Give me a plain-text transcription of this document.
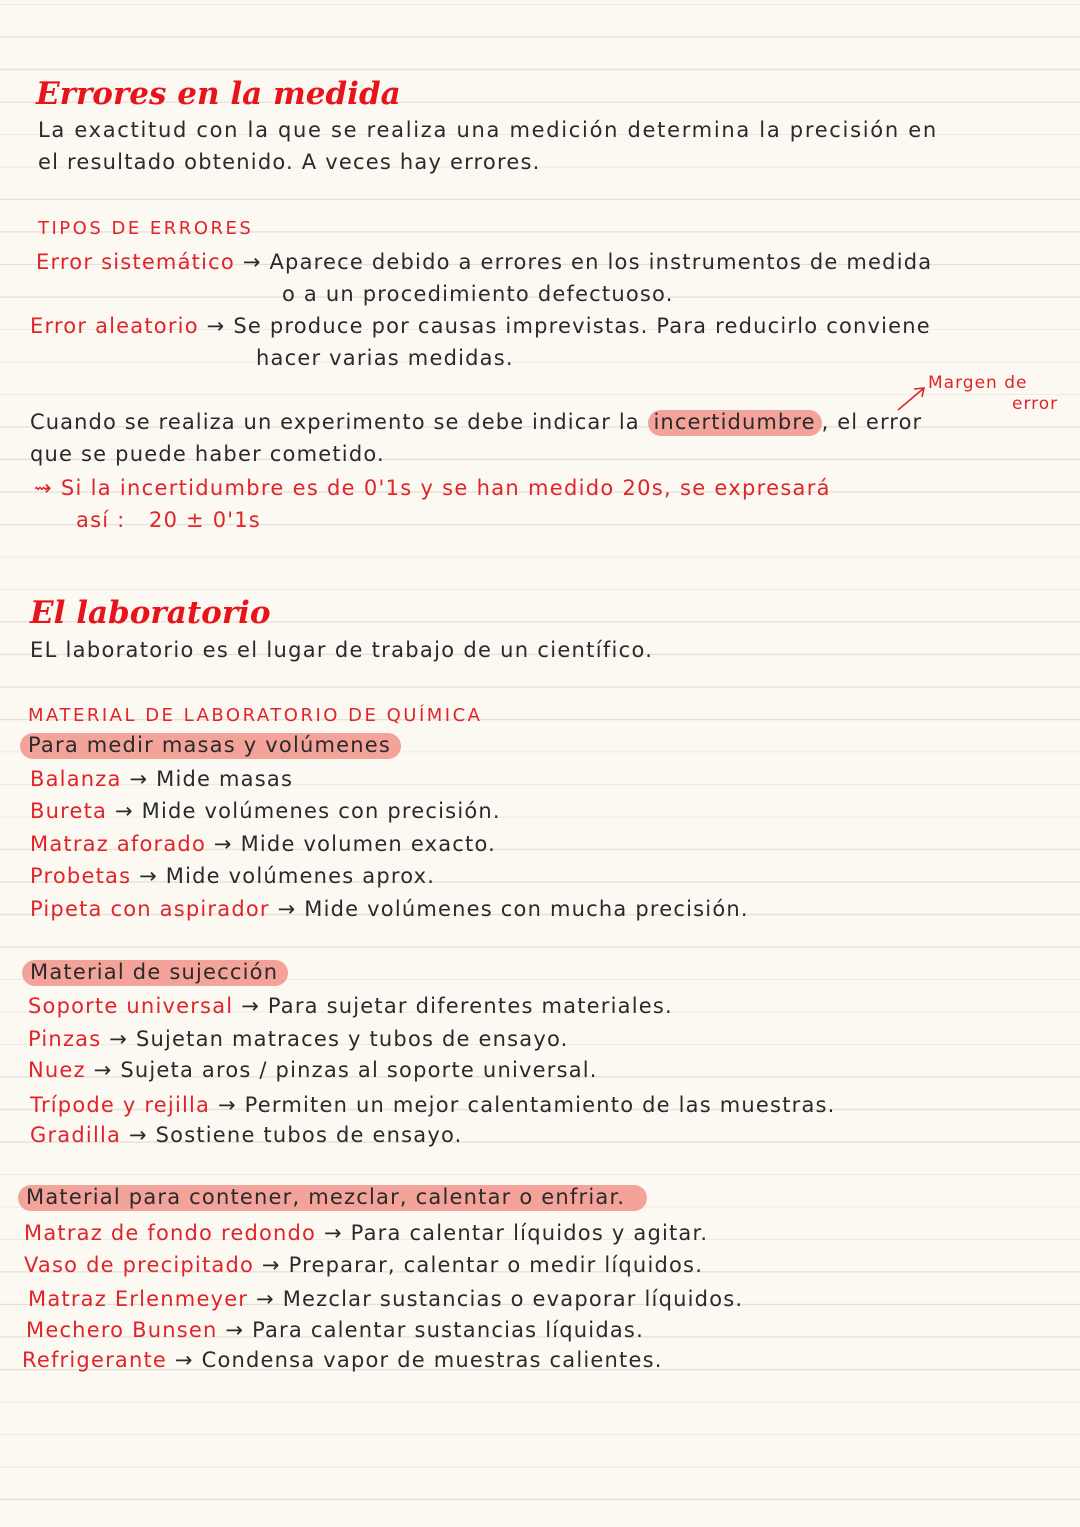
Errores en la medida
La exactitud con la que se realiza una medición determina la precisión en
el resultado obtenido. A veces hay errores.
TIPOS DE ERRORES
Error sistemático → Aparece debido a errores en los instrumentos de medida
o a un procedimiento defectuoso.
Error aleatorio → Se produce por causas imprevistas. Para reducirlo conviene
hacer varias medidas.
Margen de
error
Cuando se realiza un experimento se debe indicar la incertidumbre , el error
que se puede haber cometido.
⇝ Si la incertidumbre es de 0'1s y se han medido 20s, se expresará
así : 20 ± 0'1s
El laboratorio
EL laboratorio es el lugar de trabajo de un científico.
MATERIAL DE LABORATORIO DE QUÍMICA
Para medir masas y volúmenes
Balanza → Mide masas
Bureta → Mide volúmenes con precisión.
Matraz aforado → Mide volumen exacto.
Probetas → Mide volúmenes aprox.
Pipeta con aspirador → Mide volúmenes con mucha precisión.
Material de sujección
Soporte universal → Para sujetar diferentes materiales.
Pinzas → Sujetan matraces y tubos de ensayo.
Nuez → Sujeta aros / pinzas al soporte universal.
Trípode y rejilla → Permiten un mejor calentamiento de las muestras.
Gradilla → Sostiene tubos de ensayo.
Material para contener, mezclar, calentar o enfriar.
Matraz de fondo redondo → Para calentar líquidos y agitar.
Vaso de precipitado → Preparar, calentar o medir líquidos.
Matraz Erlenmeyer → Mezclar sustancias o evaporar líquidos.
Mechero Bunsen → Para calentar sustancias líquidas.
Refrigerante → Condensa vapor de muestras calientes.
